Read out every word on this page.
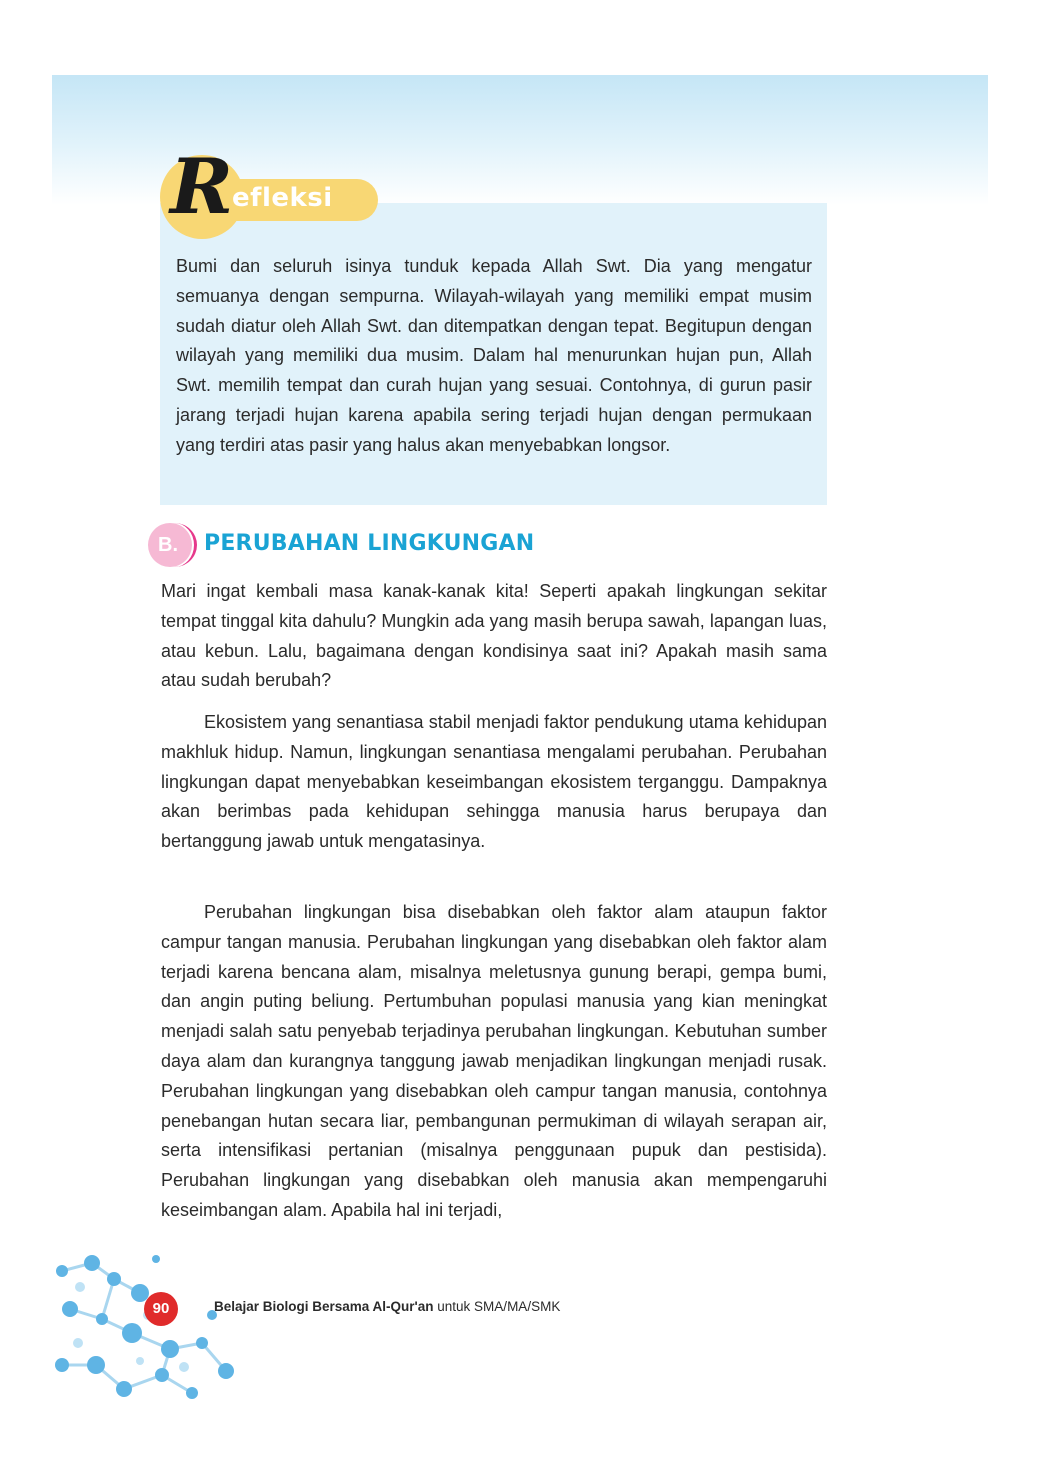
R
efleksi

Bumi dan seluruh isinya tunduk kepada Allah Swt. Dia yang mengatur semuanya dengan sempurna. Wilayah-wilayah yang memiliki empat musim sudah diatur oleh Allah Swt. dan ditempatkan dengan tepat. Begitupun dengan wilayah yang memiliki dua musim. Dalam hal menurunkan hujan pun, Allah Swt. memilih tempat dan curah hujan yang sesuai. Contohnya, di gurun pasir jarang terjadi hujan karena apabila sering terjadi hujan dengan permukaan yang terdiri atas pasir yang halus akan menyebabkan longsor.

B.	PERUBAHAN LINGKUNGAN

Mari ingat kembali masa kanak-kanak kita! Seperti apakah lingkungan sekitar tempat tinggal kita dahulu? Mungkin ada yang masih berupa sawah, lapangan luas, atau kebun. Lalu, bagaimana dengan kondisinya saat ini? Apakah masih sama atau sudah berubah?

Ekosistem yang senantiasa stabil menjadi faktor pendukung utama kehidupan makhluk hidup. Namun, lingkungan senantiasa mengalami perubahan. Perubahan lingkungan dapat menyebabkan keseimbangan ekosistem terganggu. Dampaknya akan berimbas pada kehidupan sehingga manusia harus berupaya dan bertanggung jawab untuk mengatasinya.

Perubahan lingkungan bisa disebabkan oleh faktor alam ataupun faktor campur tangan manusia. Perubahan lingkungan yang disebabkan oleh faktor alam terjadi karena bencana alam, misalnya meletusnya gunung berapi, gempa bumi, dan angin puting beliung. Pertumbuhan populasi manusia yang kian meningkat menjadi salah satu penyebab terjadinya perubahan lingkungan. Kebutuhan sumber daya alam dan kurangnya tanggung jawab menjadikan lingkungan menjadi rusak. Perubahan lingkungan yang disebabkan oleh campur tangan manusia, contohnya penebangan hutan secara liar, pembangunan permukiman di wilayah serapan air, serta intensifikasi pertanian (misalnya penggunaan pupuk dan pestisida). Perubahan lingkungan yang disebabkan oleh manusia akan mempengaruhi keseimbangan alam. Apabila hal ini terjadi,

90	Belajar Biologi Bersama Al-Qur'an untuk SMA/MA/SMK
